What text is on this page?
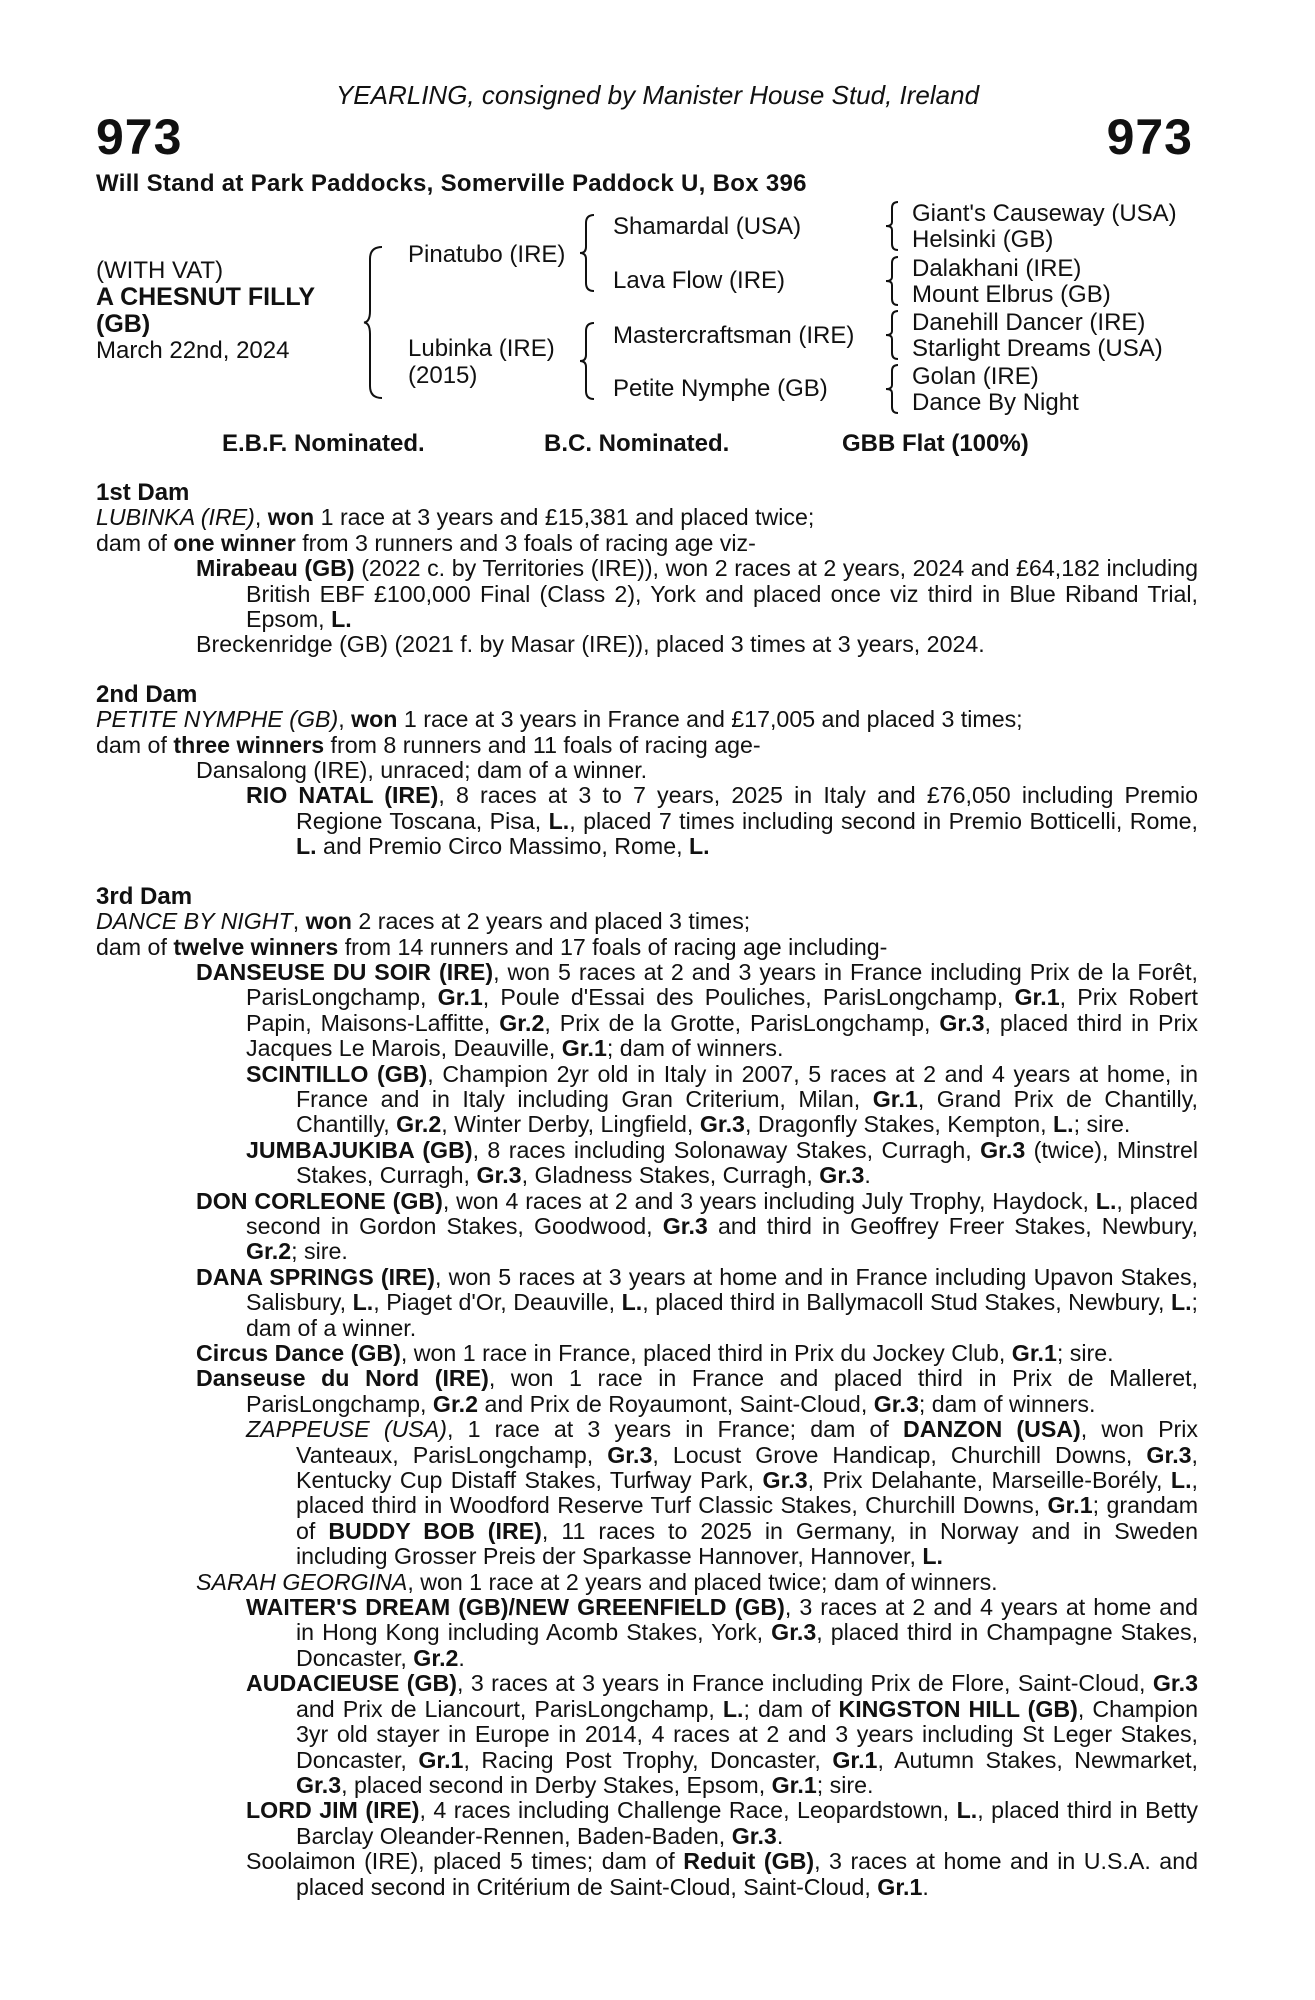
YEARLING, consigned by Manister House Stud, Ireland
973	973
Will Stand at Park Paddocks, Somerville Paddock U, Box 396
(WITH VAT)
A CHESNUT FILLY
(GB)
March 22nd, 2024
Pinatubo (IRE)
Lubinka (IRE)
(2015)
Shamardal (USA)
Lava Flow (IRE)
Mastercraftsman (IRE)
Petite Nymphe (GB)
Giant's Causeway (USA)
Helsinki (GB)
Dalakhani (IRE)
Mount Elbrus (GB)
Danehill Dancer (IRE)
Starlight Dreams (USA)
Golan (IRE)
Dance By Night
E.B.F. Nominated.	B.C. Nominated.	GBB Flat (100%)
1st Dam

LUBINKA (IRE), won 1 race at 3 years and £15,381 and placed twice;

dam of one winner from 3 runners and 3 foals of racing age viz-

Mirabeau (GB) (2022 c. by Territories (IRE)), won 2 races at 2 years, 2024 and £64,182 including British EBF £100,000 Final (Class 2), York and placed once viz third in Blue Riband Trial, Epsom, L.

Breckenridge (GB) (2021 f. by Masar (IRE)), placed 3 times at 3 years, 2024.

2nd Dam

PETITE NYMPHE (GB), won 1 race at 3 years in France and £17,005 and placed 3 times;

dam of three winners from 8 runners and 11 foals of racing age-

Dansalong (IRE), unraced; dam of a winner.

RIO NATAL (IRE), 8 races at 3 to 7 years, 2025 in Italy and £76,050 including Premio Regione Toscana, Pisa, L., placed 7 times including second in Premio Botticelli, Rome, L. and Premio Circo Massimo, Rome, L.

3rd Dam

DANCE BY NIGHT, won 2 races at 2 years and placed 3 times;

dam of twelve winners from 14 runners and 17 foals of racing age including-

DANSEUSE DU SOIR (IRE), won 5 races at 2 and 3 years in France including Prix de la Forêt, ParisLongchamp, Gr.1, Poule d'Essai des Pouliches, ParisLongchamp, Gr.1, Prix Robert Papin, Maisons-Laffitte, Gr.2, Prix de la Grotte, ParisLongchamp, Gr.3, placed third in Prix Jacques Le Marois, Deauville, Gr.1; dam of winners.

SCINTILLO (GB), Champion 2yr old in Italy in 2007, 5 races at 2 and 4 years at home, in France and in Italy including Gran Criterium, Milan, Gr.1, Grand Prix de Chantilly, Chantilly, Gr.2, Winter Derby, Lingfield, Gr.3, Dragonfly Stakes, Kempton, L.; sire.

JUMBAJUKIBA (GB), 8 races including Solonaway Stakes, Curragh, Gr.3 (twice), Minstrel Stakes, Curragh, Gr.3, Gladness Stakes, Curragh, Gr.3.

DON CORLEONE (GB), won 4 races at 2 and 3 years including July Trophy, Haydock, L., placed second in Gordon Stakes, Goodwood, Gr.3 and third in Geoffrey Freer Stakes, Newbury, Gr.2; sire.

DANA SPRINGS (IRE), won 5 races at 3 years at home and in France including Upavon Stakes, Salisbury, L., Piaget d'Or, Deauville, L., placed third in Ballymacoll Stud Stakes, Newbury, L.; dam of a winner.

Circus Dance (GB), won 1 race in France, placed third in Prix du Jockey Club, Gr.1; sire.

Danseuse du Nord (IRE), won 1 race in France and placed third in Prix de Malleret, ParisLongchamp, Gr.2 and Prix de Royaumont, Saint-Cloud, Gr.3; dam of winners.

ZAPPEUSE (USA), 1 race at 3 years in France; dam of DANZON (USA), won Prix Vanteaux, ParisLongchamp, Gr.3, Locust Grove Handicap, Churchill Downs, Gr.3, Kentucky Cup Distaff Stakes, Turfway Park, Gr.3, Prix Delahante, Marseille-Borély, L., placed third in Woodford Reserve Turf Classic Stakes, Churchill Downs, Gr.1; grandam of BUDDY BOB (IRE), 11 races to 2025 in Germany, in Norway and in Sweden including Grosser Preis der Sparkasse Hannover, Hannover, L.

SARAH GEORGINA, won 1 race at 2 years and placed twice; dam of winners.

WAITER'S DREAM (GB)/NEW GREENFIELD (GB), 3 races at 2 and 4 years at home and in Hong Kong including Acomb Stakes, York, Gr.3, placed third in Champagne Stakes, Doncaster, Gr.2.

AUDACIEUSE (GB), 3 races at 3 years in France including Prix de Flore, Saint-Cloud, Gr.3 and Prix de Liancourt, ParisLongchamp, L.; dam of KINGSTON HILL (GB), Champion 3yr old stayer in Europe in 2014, 4 races at 2 and 3 years including St Leger Stakes, Doncaster, Gr.1, Racing Post Trophy, Doncaster, Gr.1, Autumn Stakes, Newmarket, Gr.3, placed second in Derby Stakes, Epsom, Gr.1; sire.

LORD JIM (IRE), 4 races including Challenge Race, Leopardstown, L., placed third in Betty Barclay Oleander-Rennen, Baden-Baden, Gr.3.

Soolaimon (IRE), placed 5 times; dam of Reduit (GB), 3 races at home and in U.S.A. and placed second in Critérium de Saint-Cloud, Saint-Cloud, Gr.1.
